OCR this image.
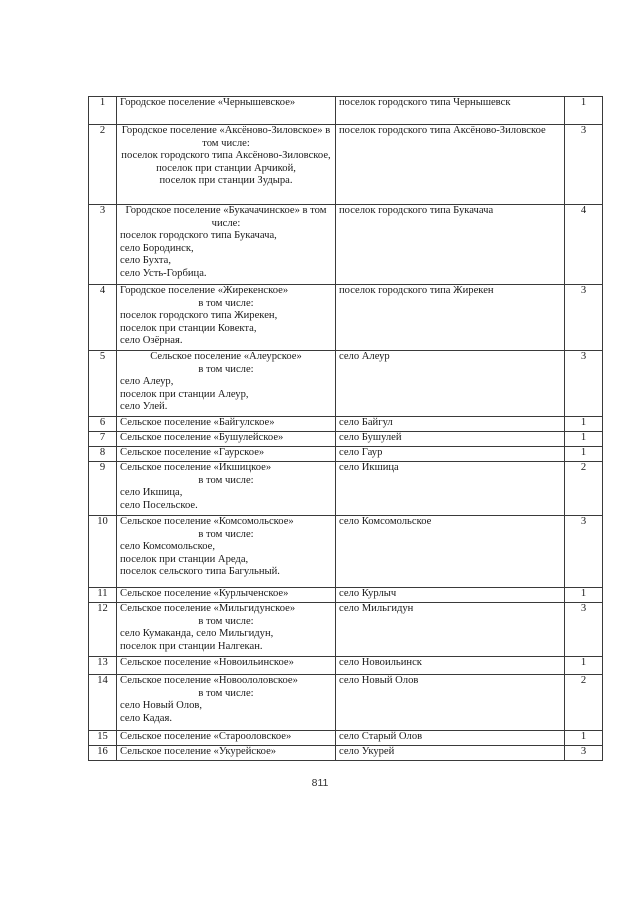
1	Городское поселение «Чернышевское»	поселок городского типа Чернышевск	1
2	Городское поселение «Аксёново-Зиловское» в том числе:
поселок городского типа Аксёново-Зиловское,
поселок при станции Арчикой,
поселок при станции Зудыра.	поселок городского типа Аксёново-Зиловское	3
3	Городское поселение «Букачачинское» в том числе:
поселок городского типа Букачача,
село Бородинск,
село Бухта,
село Усть-Горбица.	поселок городского типа Букачача	4
4	Городское поселение «Жирекенское»
в том числе:
поселок городского типа Жирекен,
поселок при станции Ковекта,
село Озёрная.	поселок городского типа Жирекен	3
5	Сельское поселение «Алеурское»
в том числе:
село Алеур,
поселок при станции Алеур,
село Улей.	село Алеур	3
6	Сельское поселение «Байгулское»	село Байгул	1
7	Сельское поселение «Бушулейское»	село Бушулей	1
8	Сельское поселение «Гаурское»	село Гаур	1
9	Сельское поселение «Икшицкое»
в том числе:
село Икшица,
село Посельское.	село Икшица	2
10	Сельское поселение «Комсомольское»
в том числе:
село Комсомольское,
поселок при станции Ареда,
поселок сельского типа Багульный.	село Комсомольское	3
11	Сельское поселение «Курлыченское»	село Курлыч	1
12	Сельское поселение «Мильгидунское»
в том числе:
село Кумаканда, село Мильгидун,
поселок при станции Налгекан.	село Мильгидун	3
13	Сельское поселение «Новоильинское»	село Новоильинск	1
14	Сельское поселение «Новоололовское»
в том числе:
село Новый Олов,
село Кадая.	село Новый Олов	2
15	Сельское поселение «Старооловское»	село Старый Олов	1
16	Сельское поселение «Укурейское»	село Укурей	3
811
